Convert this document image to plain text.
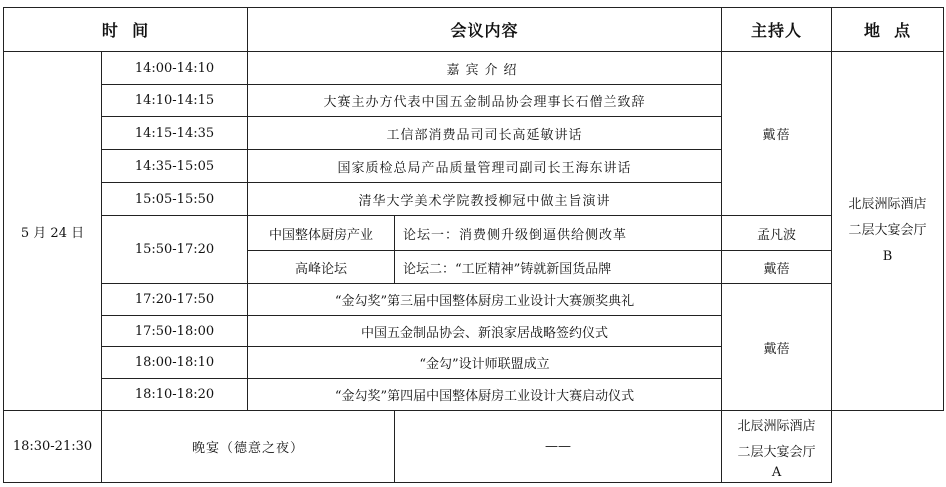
时  间		会议内容		主持人	地  点
5 月 24 日	14:00-14:10	嘉宾介绍		戴蓓	北辰洲际酒店
二层大宴会厅
B

	14:10-14:15	大赛主办方代表中国五金制品协会理事长石僧兰致辞			
	14:15-14:35	工信部消费品司司长高延敏讲话			
	14:35-15:05	国家质检总局产品质量管理司副司长王海东讲话			
	15:05-15:50	清华大学美术学院教授柳冠中做主旨演讲			
	15:50-17:20	中国整体厨房产业	论坛一：消费侧升级倒逼供给侧改革	孟凡波	
		高峰论坛	论坛二：“工匠精神”铸就新国货品牌	戴蓓	
	17:20-17:50	“金勾奖”第三届中国整体厨房工业设计大赛颁奖典礼		戴蓓	
	17:50-18:00	中国五金制品协会、新浪家居战略签约仪式			
	18:00-18:10	“金勾”设计师联盟成立			
	18:10-18:20	“金勾奖”第四届中国整体厨房工业设计大赛启动仪式			
18:30-21:30	晚宴（德意之夜）		——	北辰洲际酒店
二层大宴会厅
A	
